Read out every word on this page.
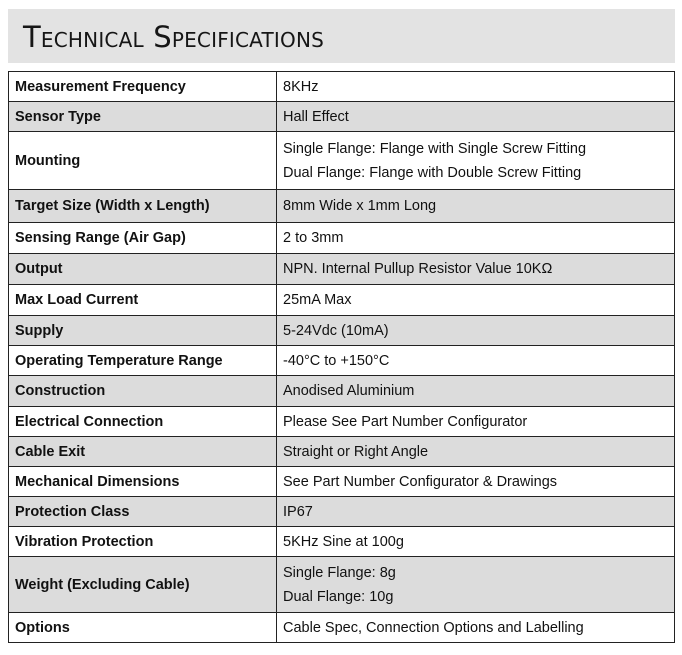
Technical Specifications
Measurement Frequency	8KHz

Sensor Type	Hall Effect

Mounting	Single Flange: Flange with Single Screw Fitting
Dual Flange: Flange with Double Screw Fitting

Target Size (Width x Length)	8mm Wide x 1mm Long

Sensing Range (Air Gap)	2 to 3mm

Output	NPN. Internal Pullup Resistor Value 10KΩ

Max Load Current	25mA Max

Supply	5-24Vdc (10mA)

Operating Temperature Range	-40°C to +150°C

Construction	Anodised Aluminium

Electrical Connection	Please See Part Number Configurator

Cable Exit	Straight or Right Angle

Mechanical Dimensions	See Part Number Configurator & Drawings

Protection Class	IP67

Vibration Protection	5KHz Sine at 100g

Weight (Excluding Cable)	Single Flange: 8g
Dual Flange: 10g

Options	Cable Spec, Connection Options and Labelling
